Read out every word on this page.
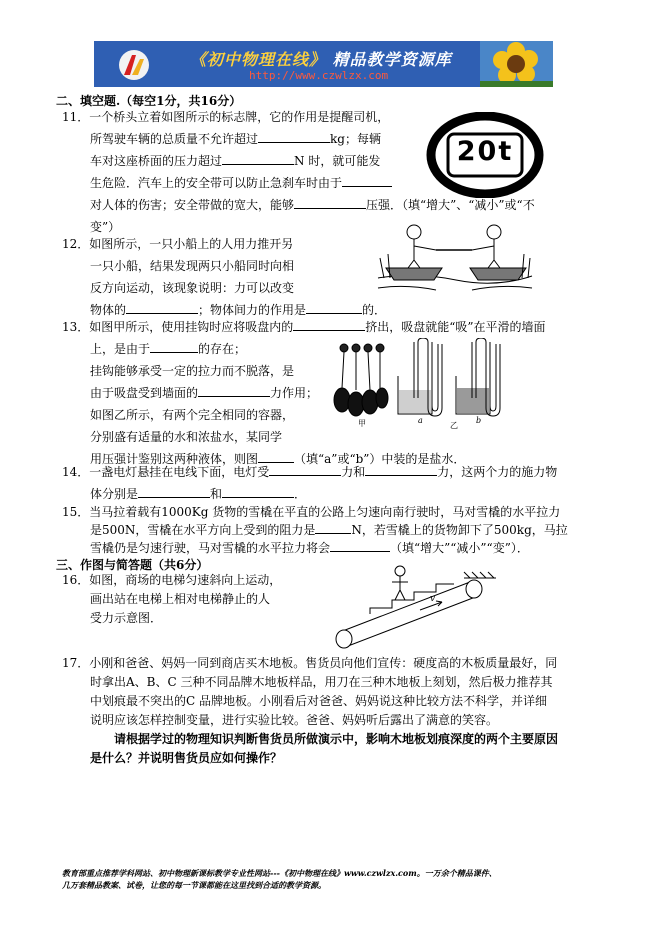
《初中物理在线》 精品教学资源库
http://www.czwlzx.com
二、填空题.（每空1分，共16分）
11．一个桥头立着如图所示的标志牌，它的作用是提醒司机，
所驾驶车辆的总质量不允许超过	kg；每辆
车对这座桥面的压力超过	N 时，就可能发
生危险．汽车上的安全带可以防止急刹车时由于
对人体的伤害；安全带做的宽大，能够	压强．（填“增大”、“减小”或“不
变”）
20t
12．如图所示，一只小船上的人用力推开另
一只小船，结果发现两只小船同时向相
反方向运动，该现象说明：力可以改变
物体的	；物体间力的作用是	的．
13．如图甲所示，使用挂钩时应将吸盘内的	挤出，吸盘就能“吸”在平滑的墙面
上，是由于	的存在；
挂钩能够承受一定的拉力而不脱落，是
由于吸盘受到墙面的	力作用；
如图乙所示，有两个完全相同的容器，
分别盛有适量的水和浓盐水，某同学
用压强计鉴别这两种液体，则图	（填“a”或“b”）中装的是盐水．
甲	a
乙
b
14．一盏电灯悬挂在电线下面，电灯受	力和	力，这两个力的施力物
体分别是	和	．
15．当马拉着载有1000Kg 货物的雪橇在平直的公路上匀速向南行驶时，马对雪橇的水平拉力
是500N，雪橇在水平方向上受到的阻力是	N，若雪橇上的货物卸下了500kg，马拉
雪橇仍是匀速行驶，马对雪橇的水平拉力将会	（填“增大”“减小”“变”）．
三、作图与简答题（共6分）
16．如图，商场的电梯匀速斜向上运动，
画出站在电梯上相对电梯静止的人
受力示意图．
v
17．小刚和爸爸、妈妈一同到商店买木地板。售货员向他们宣传：硬度高的木板质量最好，同
时拿出A、B、C 三种不同品牌木地板样品，用刀在三种木地板上刻划，然后极力推荐其
中划痕最不突出的C 品牌地板。小刚看后对爸爸、妈妈说这种比较方法不科学，并详细
说明应该怎样控制变量，进行实验比较。爸爸、妈妈听后露出了满意的笑容。
请根据学过的物理知识判断售货员所做演示中，影响木地板划痕深度的两个主要原因
是什么？并说明售货员应如何操作？
教育部重点推荐学科网站、初中物理新课标教学专业性网站---《初中物理在线》www.czwlzx.com。一万余个精品课件、
几万套精品教案、试卷，让您的每一节课都能在这里找到合适的教学资源。
